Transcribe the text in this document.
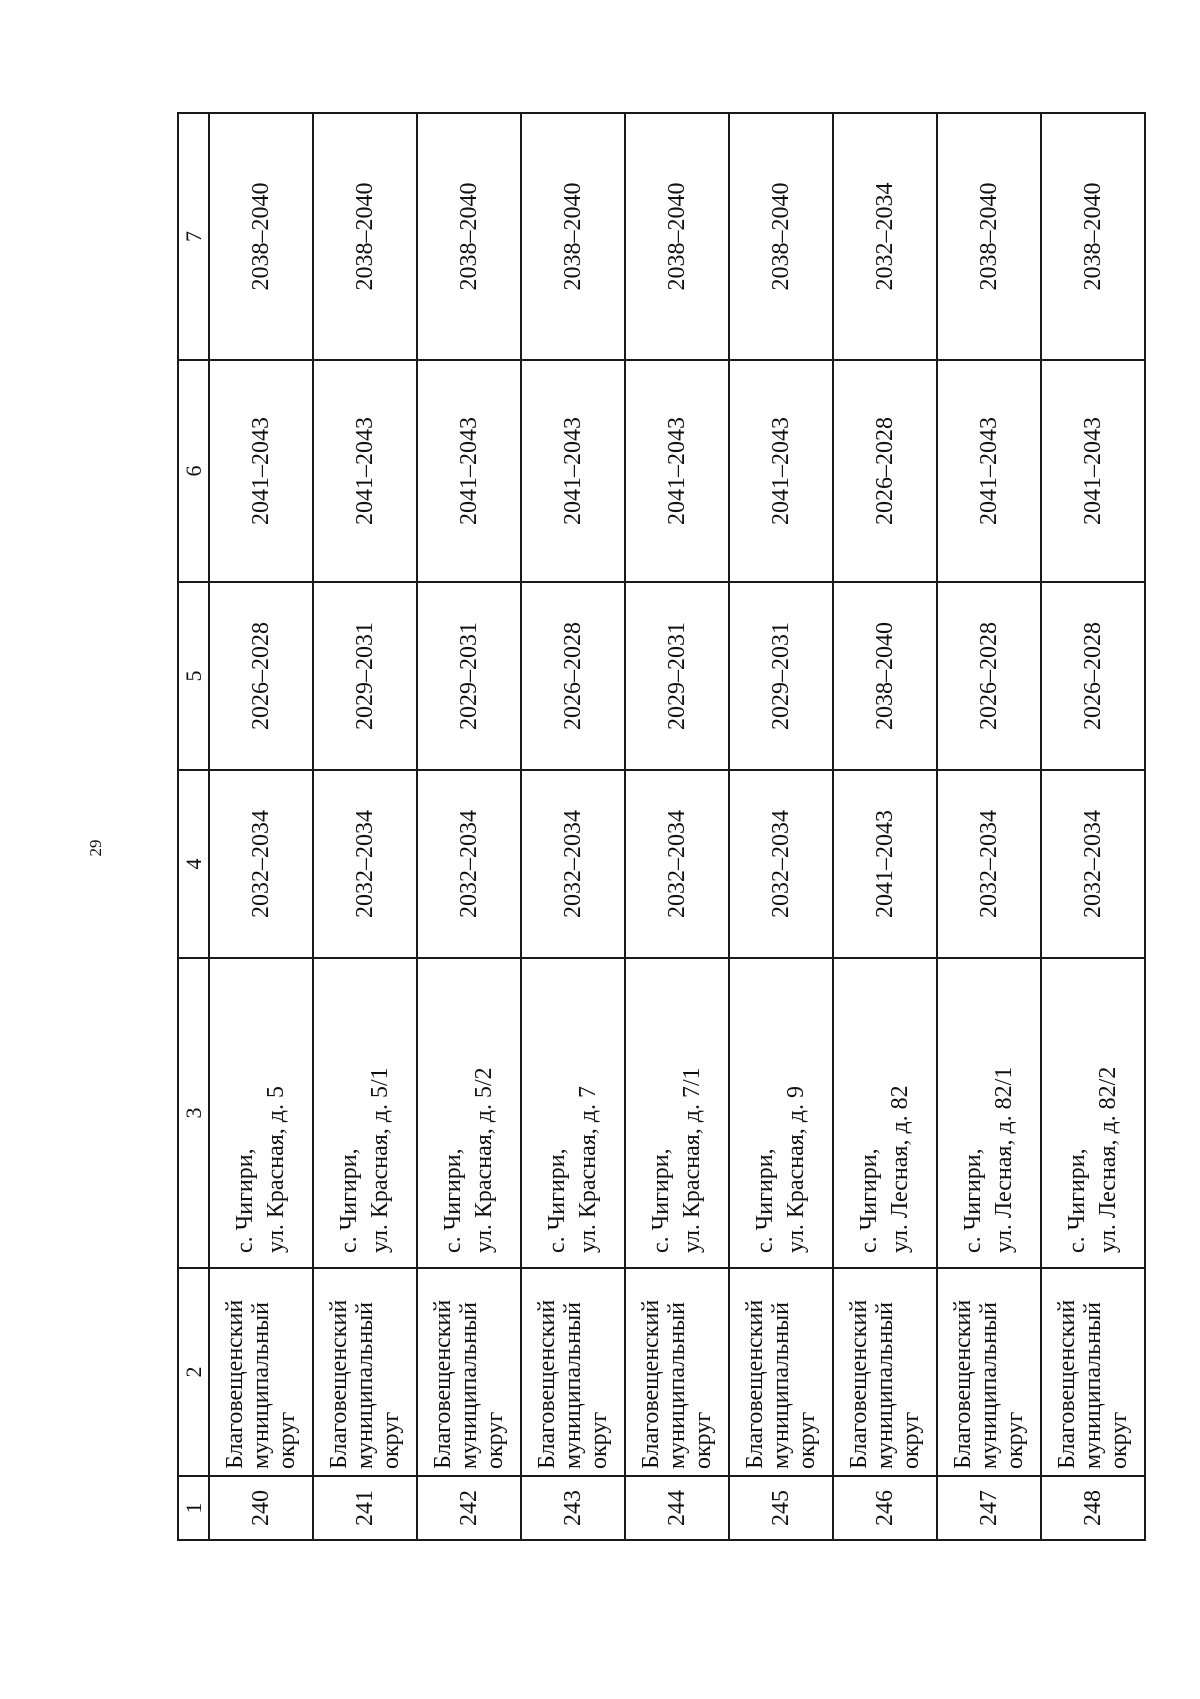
29
1	2	3	4	5	6	7
240	Благовещенский муниципальный округ	с. Чигири, ул. Красная, д. 5	2032–2034	2026–2028	2041–2043	2038–2040
241	Благовещенский муниципальный округ	с. Чигири, ул. Красная, д. 5/1	2032–2034	2029–2031	2041–2043	2038–2040
242	Благовещенский муниципальный округ	с. Чигири, ул. Красная, д. 5/2	2032–2034	2029–2031	2041–2043	2038–2040
243	Благовещенский муниципальный округ	с. Чигири, ул. Красная, д. 7	2032–2034	2026–2028	2041–2043	2038–2040
244	Благовещенский муниципальный округ	с. Чигири, ул. Красная, д. 7/1	2032–2034	2029–2031	2041–2043	2038–2040
245	Благовещенский муниципальный округ	с. Чигири, ул. Красная, д. 9	2032–2034	2029–2031	2041–2043	2038–2040
246	Благовещенский муниципальный округ	с. Чигири, ул. Лесная, д. 82	2041–2043	2038–2040	2026–2028	2032–2034
247	Благовещенский муниципальный округ	с. Чигири, ул. Лесная, д. 82/1	2032–2034	2026–2028	2041–2043	2038–2040
248	Благовещенский муниципальный округ	с. Чигири, ул. Лесная, д. 82/2	2032–2034	2026–2028	2041–2043	2038–2040
